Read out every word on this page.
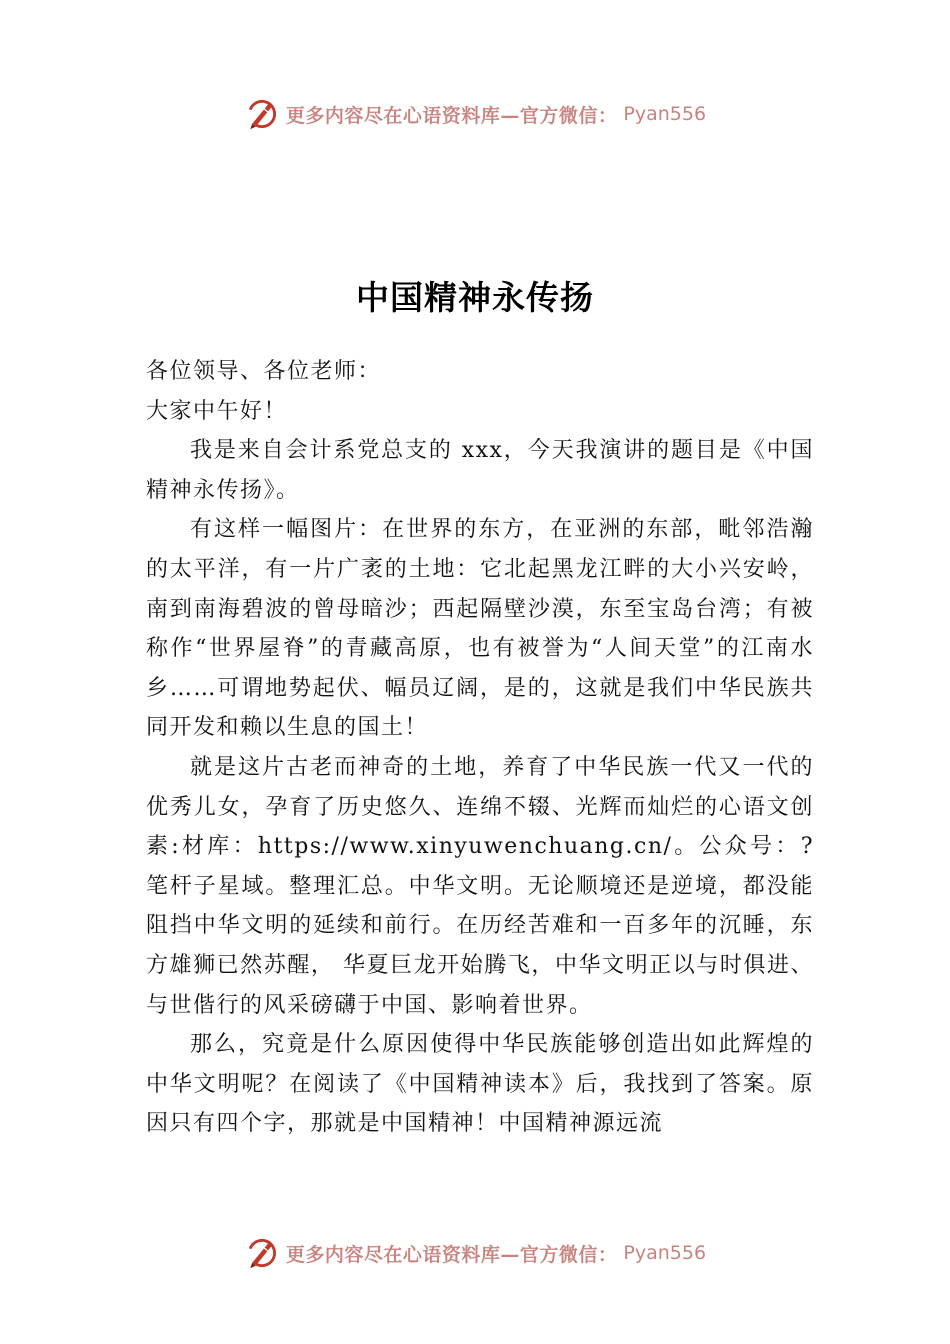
更多内容尽在心语资料库—官方微信： Pyan556
中国精神永传扬

各位领导、各位老师：

大家中午好！

我是来自会计系党总支的 xxx，今天我演讲的题目是《中国精神永传扬》。

有这样一幅图片：在世界的东方，在亚洲的东部，毗邻浩瀚的太平洋，有一片广袤的土地：它北起黑龙江畔的大小兴安岭，南到南海碧波的曾母暗沙；西起隔壁沙漠，东至宝岛台湾；有被称作“世界屋脊”的青藏高原，也有被誉为“人间天堂”的江南水乡……可谓地势起伏、幅员辽阔，是的，这就是我们中华民族共同开发和赖以生息的国土！

就是这片古老而神奇的土地，养育了中华民族一代又一代的优秀儿女，孕育了历史悠久、连绵不辍、光辉而灿烂的心语文创素:材库：https://www.xinyuwenchuang.cn/。公众号：?笔杆子星域。整理汇总。中华文明。无论顺境还是逆境，都没能阻挡中华文明的延续和前行。在历经苦难和一百多年的沉睡，东方雄狮已然苏醒， 华夏巨龙开始腾飞，中华文明正以与时俱进、与世偕行的风采磅礴于中国、影响着世界。

那么，究竟是什么原因使得中华民族能够创造出如此辉煌的中华文明呢？在阅读了《中国精神读本》后，我找到了答案。原因只有四个字，那就是中国精神！中国精神源远流

更多内容尽在心语资料库—官方微信： Pyan556
